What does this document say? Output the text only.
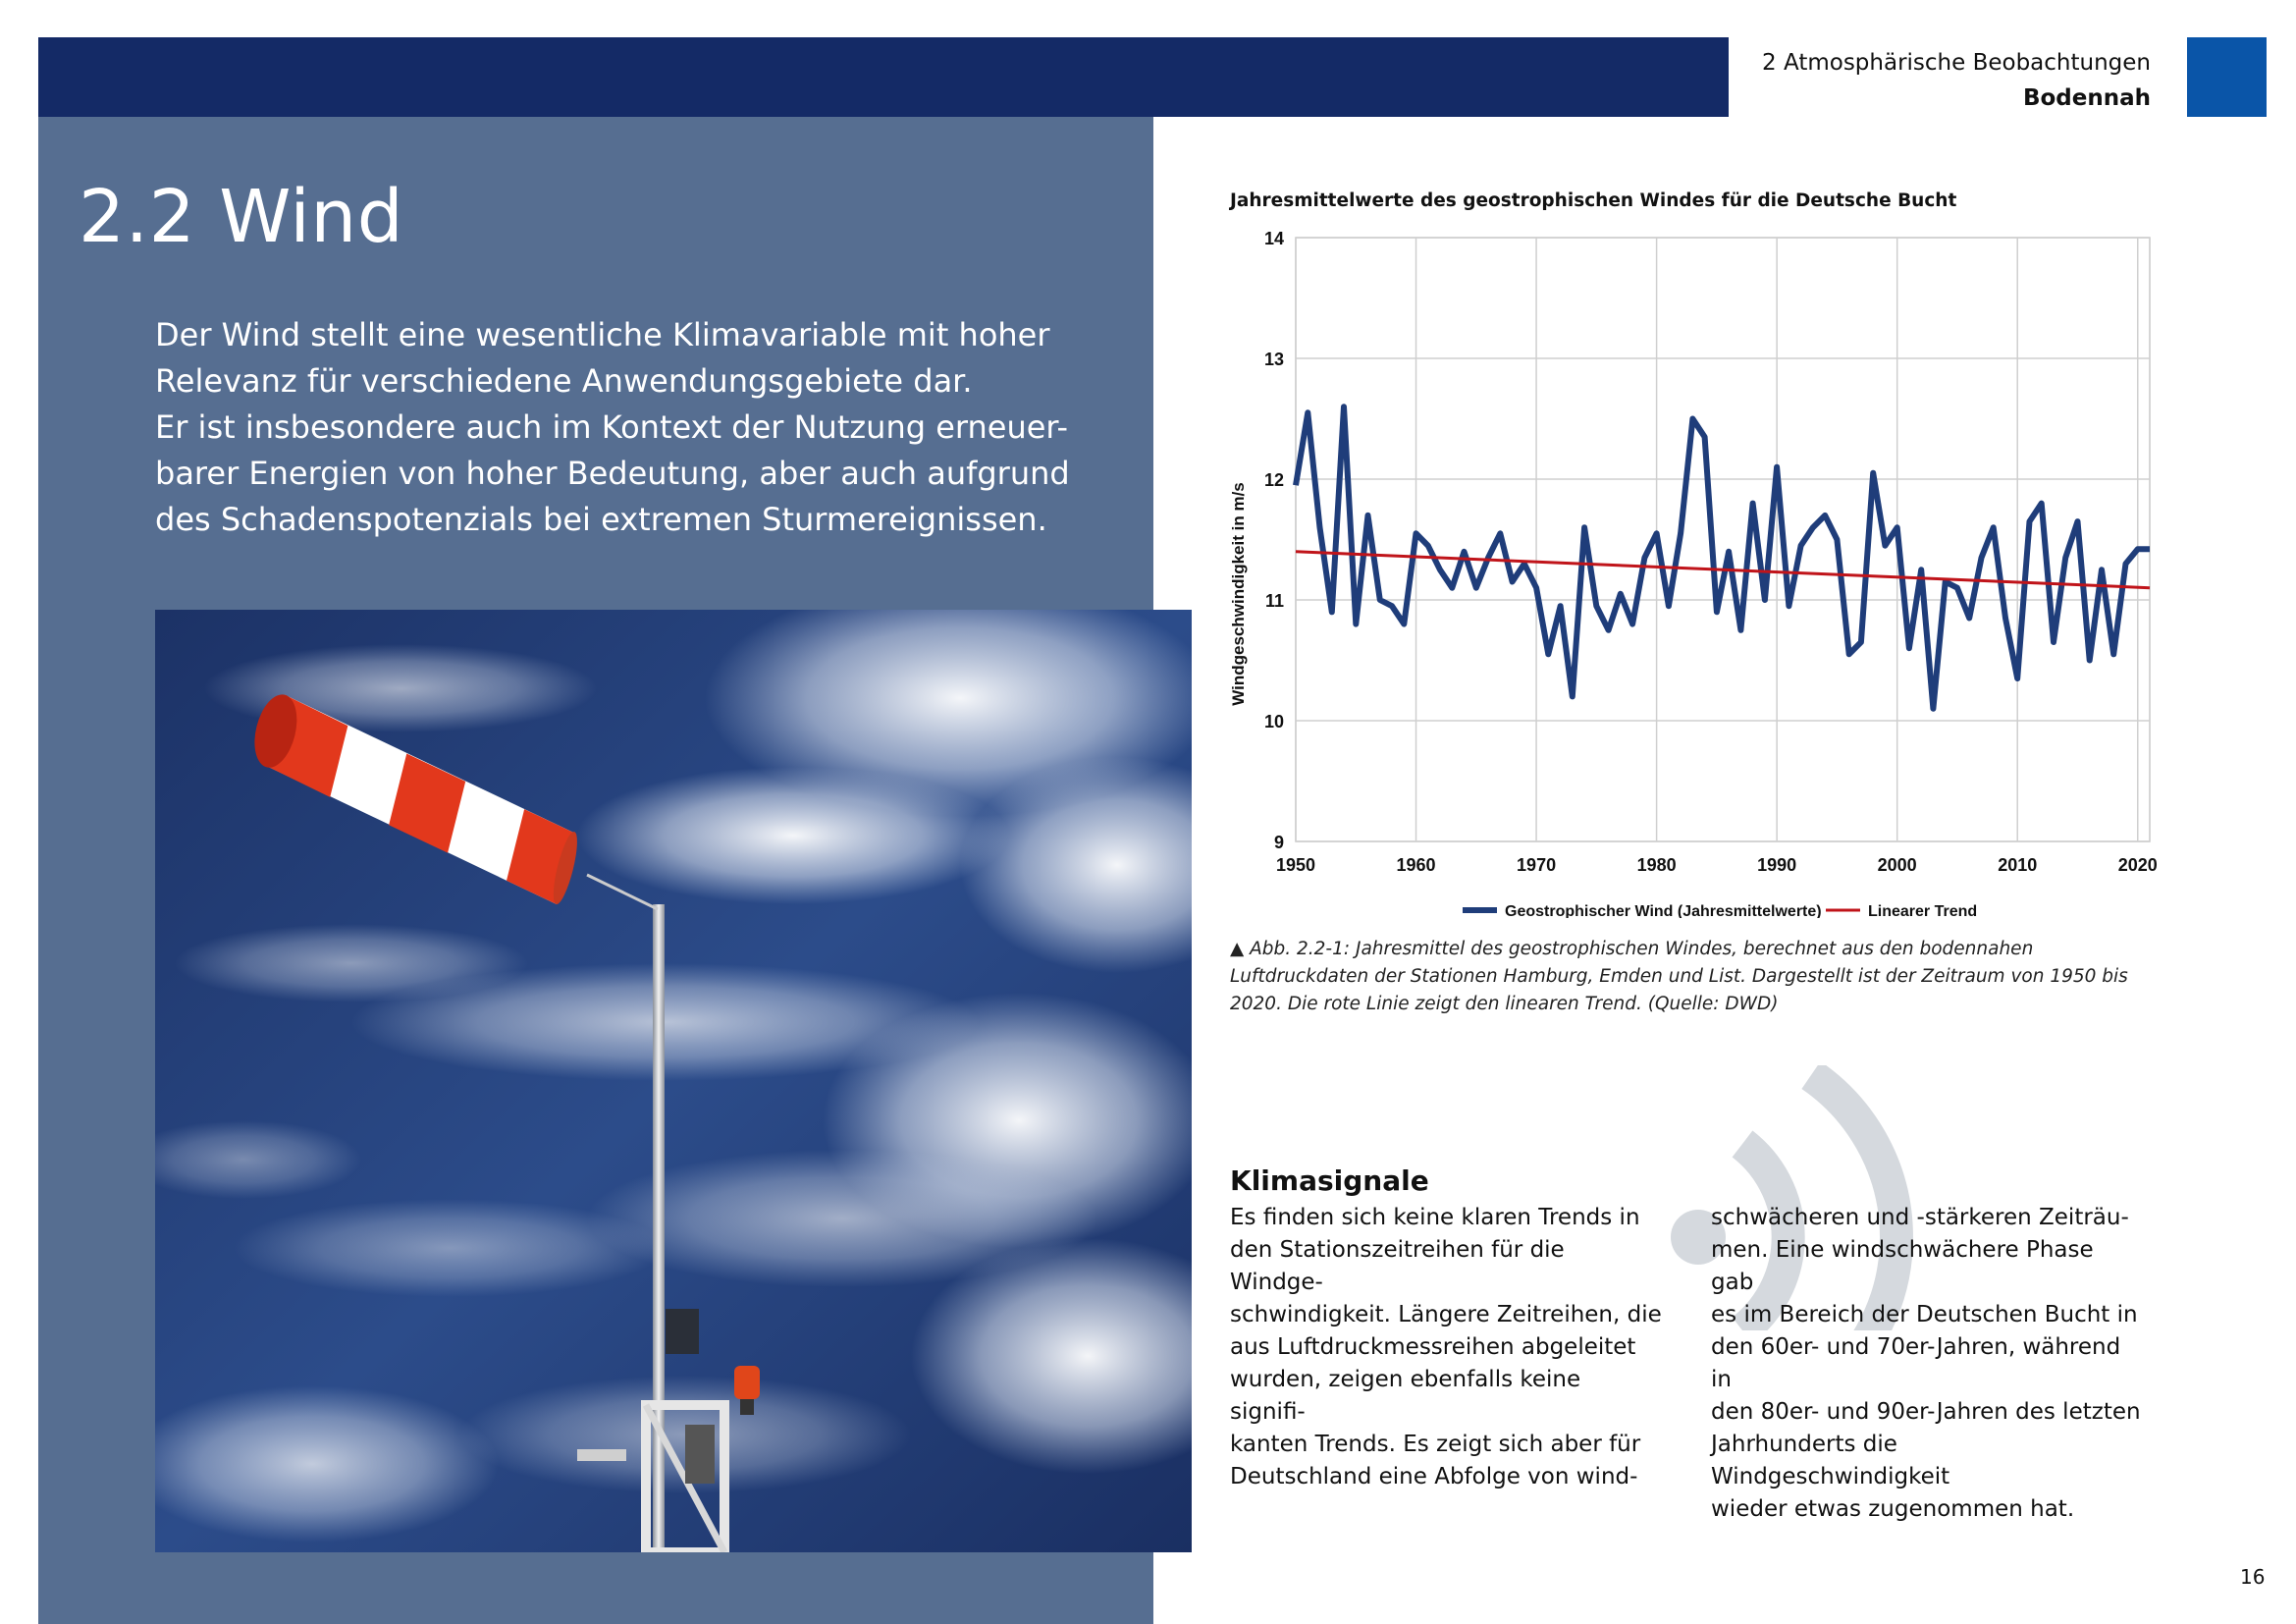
2 Atmosphärische Beobachtungen
Bodennah
2.2 Wind

Der Wind stellt eine wesentliche Klimavariable mit hoher

Relevanz für verschiedene Anwendungsgebiete dar.

Er ist insbesondere auch im Kontext der Nutzung erneuer-

barer Energien von hoher Bedeutung, aber auch aufgrund

des Schadenspotenzials bei extremen Sturmereignissen.

Jahresmittelwerte des geostrophischen Windes für die Deutsche Bucht
9
10
11
12
13
14
1950	1960	1970	1980	1990	2000	2010	2020
Windgeschwindigkeit in m/s
Geostrophischer Wind (Jahresmittelwerte)	Linearer Trend
▲ Abb. 2.2-1: Jahresmittel des geostrophischen Windes, berechnet aus den bodennahen Luftdruckdaten der Stationen Hamburg, Emden und List. Dargestellt ist der Zeitraum von 1950 bis 2020. Die rote Linie zeigt den linearen Trend. (Quelle: DWD)
Klimasignale

Es finden sich keine klaren Trends in

den Stationszeitreihen für die Windge-

schwindigkeit. Längere Zeitreihen, die

aus Luftdruckmessreihen abgeleitet

wurden, zeigen ebenfalls keine signifi-

kanten Trends. Es zeigt sich aber für

Deutschland eine Abfolge von wind-

schwächeren und -stärkeren Zeiträu-

men. Eine windschwächere Phase gab

es im Bereich der Deutschen Bucht in

den 60er- und 70er-Jahren, während in

den 80er- und 90er-Jahren des letzten

Jahrhunderts die Windgeschwindigkeit

wieder etwas zugenommen hat.

16
